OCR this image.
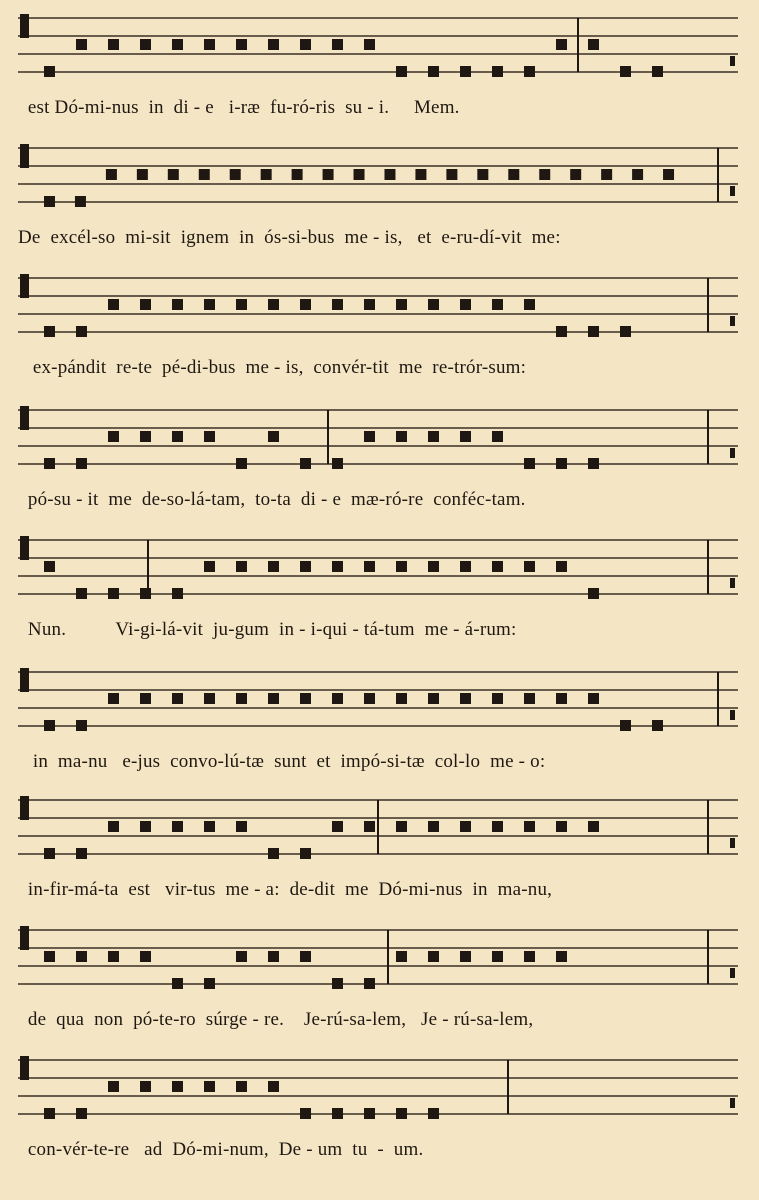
est Dó-mi-nus  in  di - e   i-ræ  fu-ró-ris  su - i.     Mem.
De  excél-so  mi-sit  ignem  in  ós-si-bus  me - is,   et  e-ru-dí-vit  me:
ex-pándit  re-te  pé-di-bus  me - is,  convér-tit  me  re-trór-sum:
pó-su - it  me  de-so-lá-tam,  to-ta  di - e  mæ-ró-re  conféc-tam.
Nun.          Vi-gi-lá-vit  ju-gum  in - i-qui - tá-tum  me - á-rum:
in  ma-nu   e-jus  convo-lú-tæ  sunt  et  impó-si-tæ  col-lo  me - o:
in-fir-má-ta  est   vir-tus  me - a:  de-dit  me  Dó-mi-nus  in  ma-nu,
de  qua  non  pó-te-ro  súrge - re.    Je-rú-sa-lem,   Je - rú-sa-lem,
con-vér-te-re   ad  Dó-mi-num,  De - um  tu  -  um.
